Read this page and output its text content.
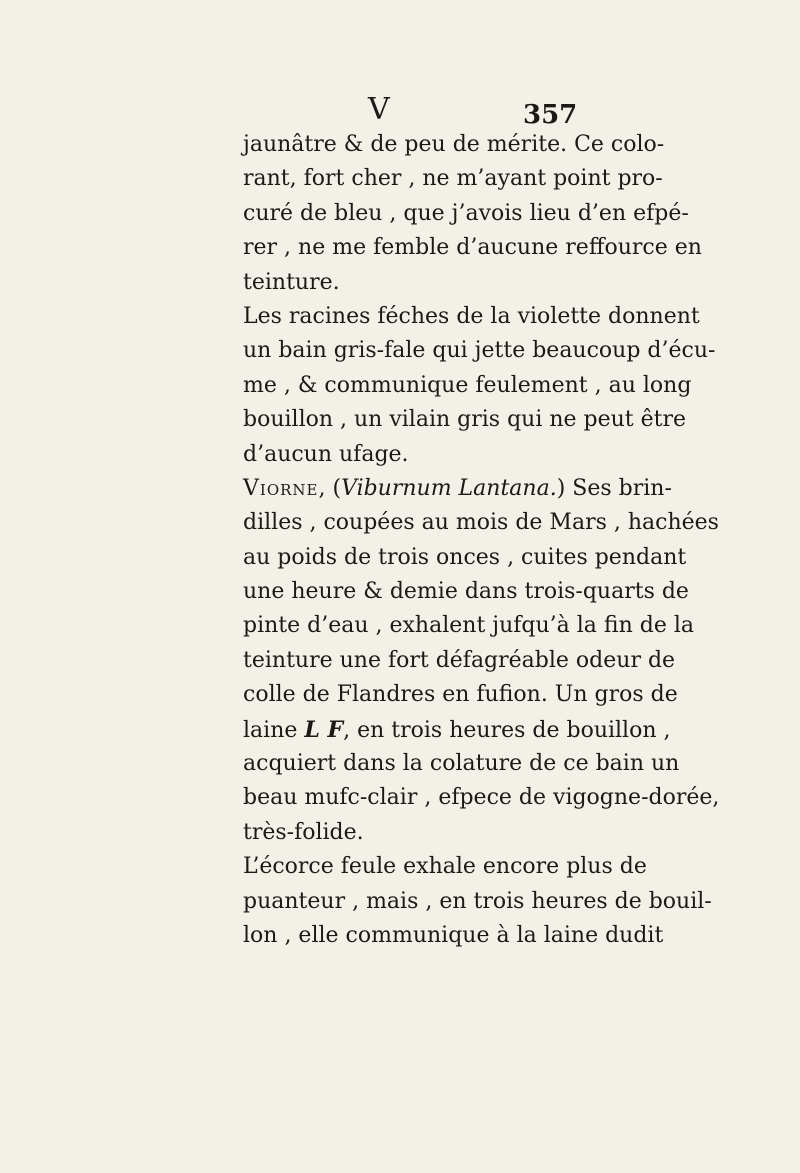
V	357
jaunâtre & de peu de mérite. Ce colo-
rant, fort cher , ne m’ayant point pro-
curé de bleu , que j’avois lieu d’en efpé-
rer , ne me femble d’aucune reffource en
teinture.
Les racines féches de la violette donnent
un bain gris-fale qui jette beaucoup d’écu-
me , & communique feulement , au long
bouillon , un vilain gris qui ne peut être
d’aucun ufage.
Viorne, (Viburnum Lantana.) Ses brin-
dilles , coupées au mois de Mars , hachées
au poids de trois onces , cuites pendant
une heure & demie dans trois-quarts de
pinte d’eau , exhalent jufqu’à la fin de la
teinture une fort défagréable odeur de
colle de Flandres en fufion. Un gros de
laine L F, en trois heures de bouillon ,
acquiert dans la colature de ce bain un
beau mufc-clair , efpece de vigogne-dorée,
très-folide.
L’écorce feule exhale encore plus de
puanteur , mais , en trois heures de bouil-
lon , elle communique à la laine dudit
